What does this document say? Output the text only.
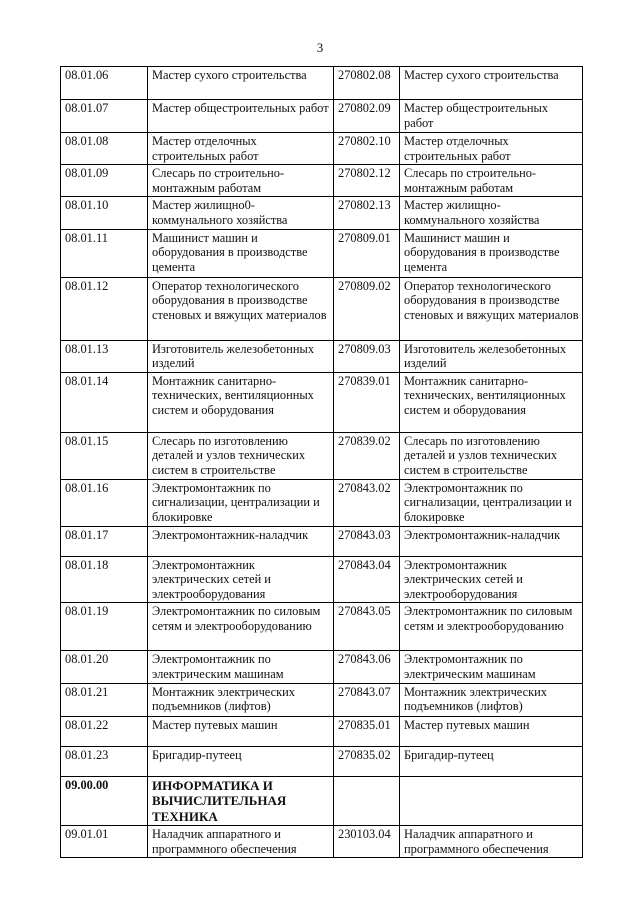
3
08.01.06	Мастер сухого строительства	270802.08	Мастер сухого строительства
08.01.07	Мастер общестроительных работ	270802.09	Мастер общестроительных работ
08.01.08	Мастер отделочных строительных работ	270802.10	Мастер отделочных строительных работ
08.01.09	Слесарь по строительно-монтажным работам	270802.12	Слесарь по строительно-монтажным работам
08.01.10	Мастер жилищно0-коммунального хозяйства	270802.13	Мастер жилищно-коммунального хозяйства
08.01.11	Машинист машин и оборудования в производстве цемента	270809.01	Машинист машин и оборудования в производстве цемента
08.01.12	Оператор технологического оборудования в производстве стеновых и вяжущих материалов	270809.02	Оператор технологического оборудования в производстве стеновых и вяжущих материалов
08.01.13	Изготовитель железобетонных изделий	270809.03	Изготовитель железобетонных изделий
08.01.14	Монтажник санитарно-технических, вентиляционных систем и оборудования	270839.01	Монтажник санитарно-технических, вентиляционных систем и оборудования
08.01.15	Слесарь по изготовлению деталей и узлов технических систем в строительстве	270839.02	Слесарь по изготовлению деталей и узлов технических систем в строительстве
08.01.16	Электромонтажник по сигнализации, централизации и блокировке	270843.02	Электромонтажник по сигнализации, централизации и блокировке
08.01.17	Электромонтажник-наладчик	270843.03	Электромонтажник-наладчик
08.01.18	Электромонтажник электрических сетей и электрооборудования	270843.04	Электромонтажник электрических сетей и электрооборудования
08.01.19	Электромонтажник по силовым сетям и электрооборудованию	270843.05	Электромонтажник по силовым сетям и электрооборудованию
08.01.20	Электромонтажник по электрическим машинам	270843.06	Электромонтажник по электрическим машинам
08.01.21	Монтажник электрических подъемников (лифтов)	270843.07	Монтажник электрических подъемников (лифтов)
08.01.22	Мастер путевых машин	270835.01	Мастер путевых машин
08.01.23	Бригадир-путеец	270835.02	Бригадир-путеец
09.00.00	ИНФОРМАТИКА И ВЫЧИСЛИТЕЛЬНАЯ ТЕХНИКА		
09.01.01	Наладчик аппаратного и программного обеспечения	230103.04	Наладчик аппаратного и программного обеспечения
